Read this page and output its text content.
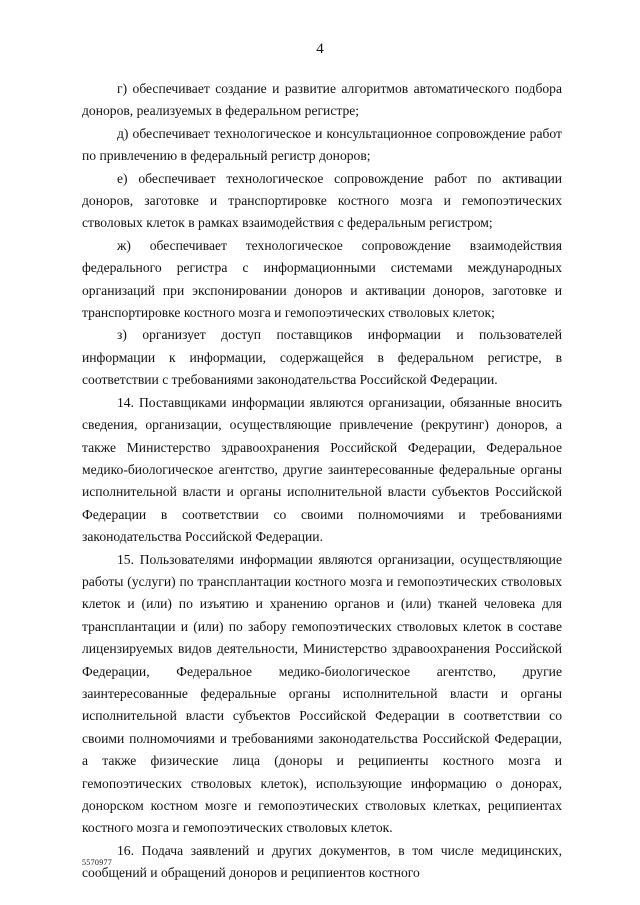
4

г) обеспечивает создание и развитие алгоритмов автоматического подбора доноров, реализуемых в федеральном регистре;

д) обеспечивает технологическое и консультационное сопровождение работ по привлечению в федеральный регистр доноров;

е) обеспечивает технологическое сопровождение работ по активации доноров, заготовке и транспортировке костного мозга и гемопоэтических стволовых клеток в рамках взаимодействия с федеральным регистром;

ж) обеспечивает технологическое сопровождение взаимодействия федерального регистра с информационными системами международных организаций при экспонировании доноров и активации доноров, заготовке и транспортировке костного мозга и гемопоэтических стволовых клеток;

з) организует доступ поставщиков информации и пользователей информации к информации, содержащейся в федеральном регистре, в соответствии с требованиями законодательства Российской Федерации.

14. Поставщиками информации являются организации, обязанные вносить сведения, организации, осуществляющие привлечение (рекрутинг) доноров, а также Министерство здравоохранения Российской Федерации, Федеральное медико-биологическое агентство, другие заинтересованные федеральные органы исполнительной власти и органы исполнительной власти субъектов Российской Федерации в соответствии со своими полномочиями и требованиями законодательства Российской Федерации.

15. Пользователями информации являются организации, осуществляющие работы (услуги) по трансплантации костного мозга и гемопоэтических стволовых клеток и (или) по изъятию и хранению органов и (или) тканей человека для трансплантации и (или) по забору гемопоэтических стволовых клеток в составе лицензируемых видов деятельности, Министерство здравоохранения Российской Федерации, Федеральное медико-биологическое агентство, другие заинтересованные федеральные органы исполнительной власти и органы исполнительной власти субъектов Российской Федерации в соответствии со своими полномочиями и требованиями законодательства Российской Федерации, а также физические лица (доноры и реципиенты костного мозга и гемопоэтических стволовых клеток), использующие информацию о донорах, донорском костном мозге и гемопоэтических стволовых клетках, реципиентах костного мозга и гемопоэтических стволовых клеток.

16. Подача заявлений и других документов, в том числе медицинских, сообщений и обращений доноров и реципиентов костного

5570977
